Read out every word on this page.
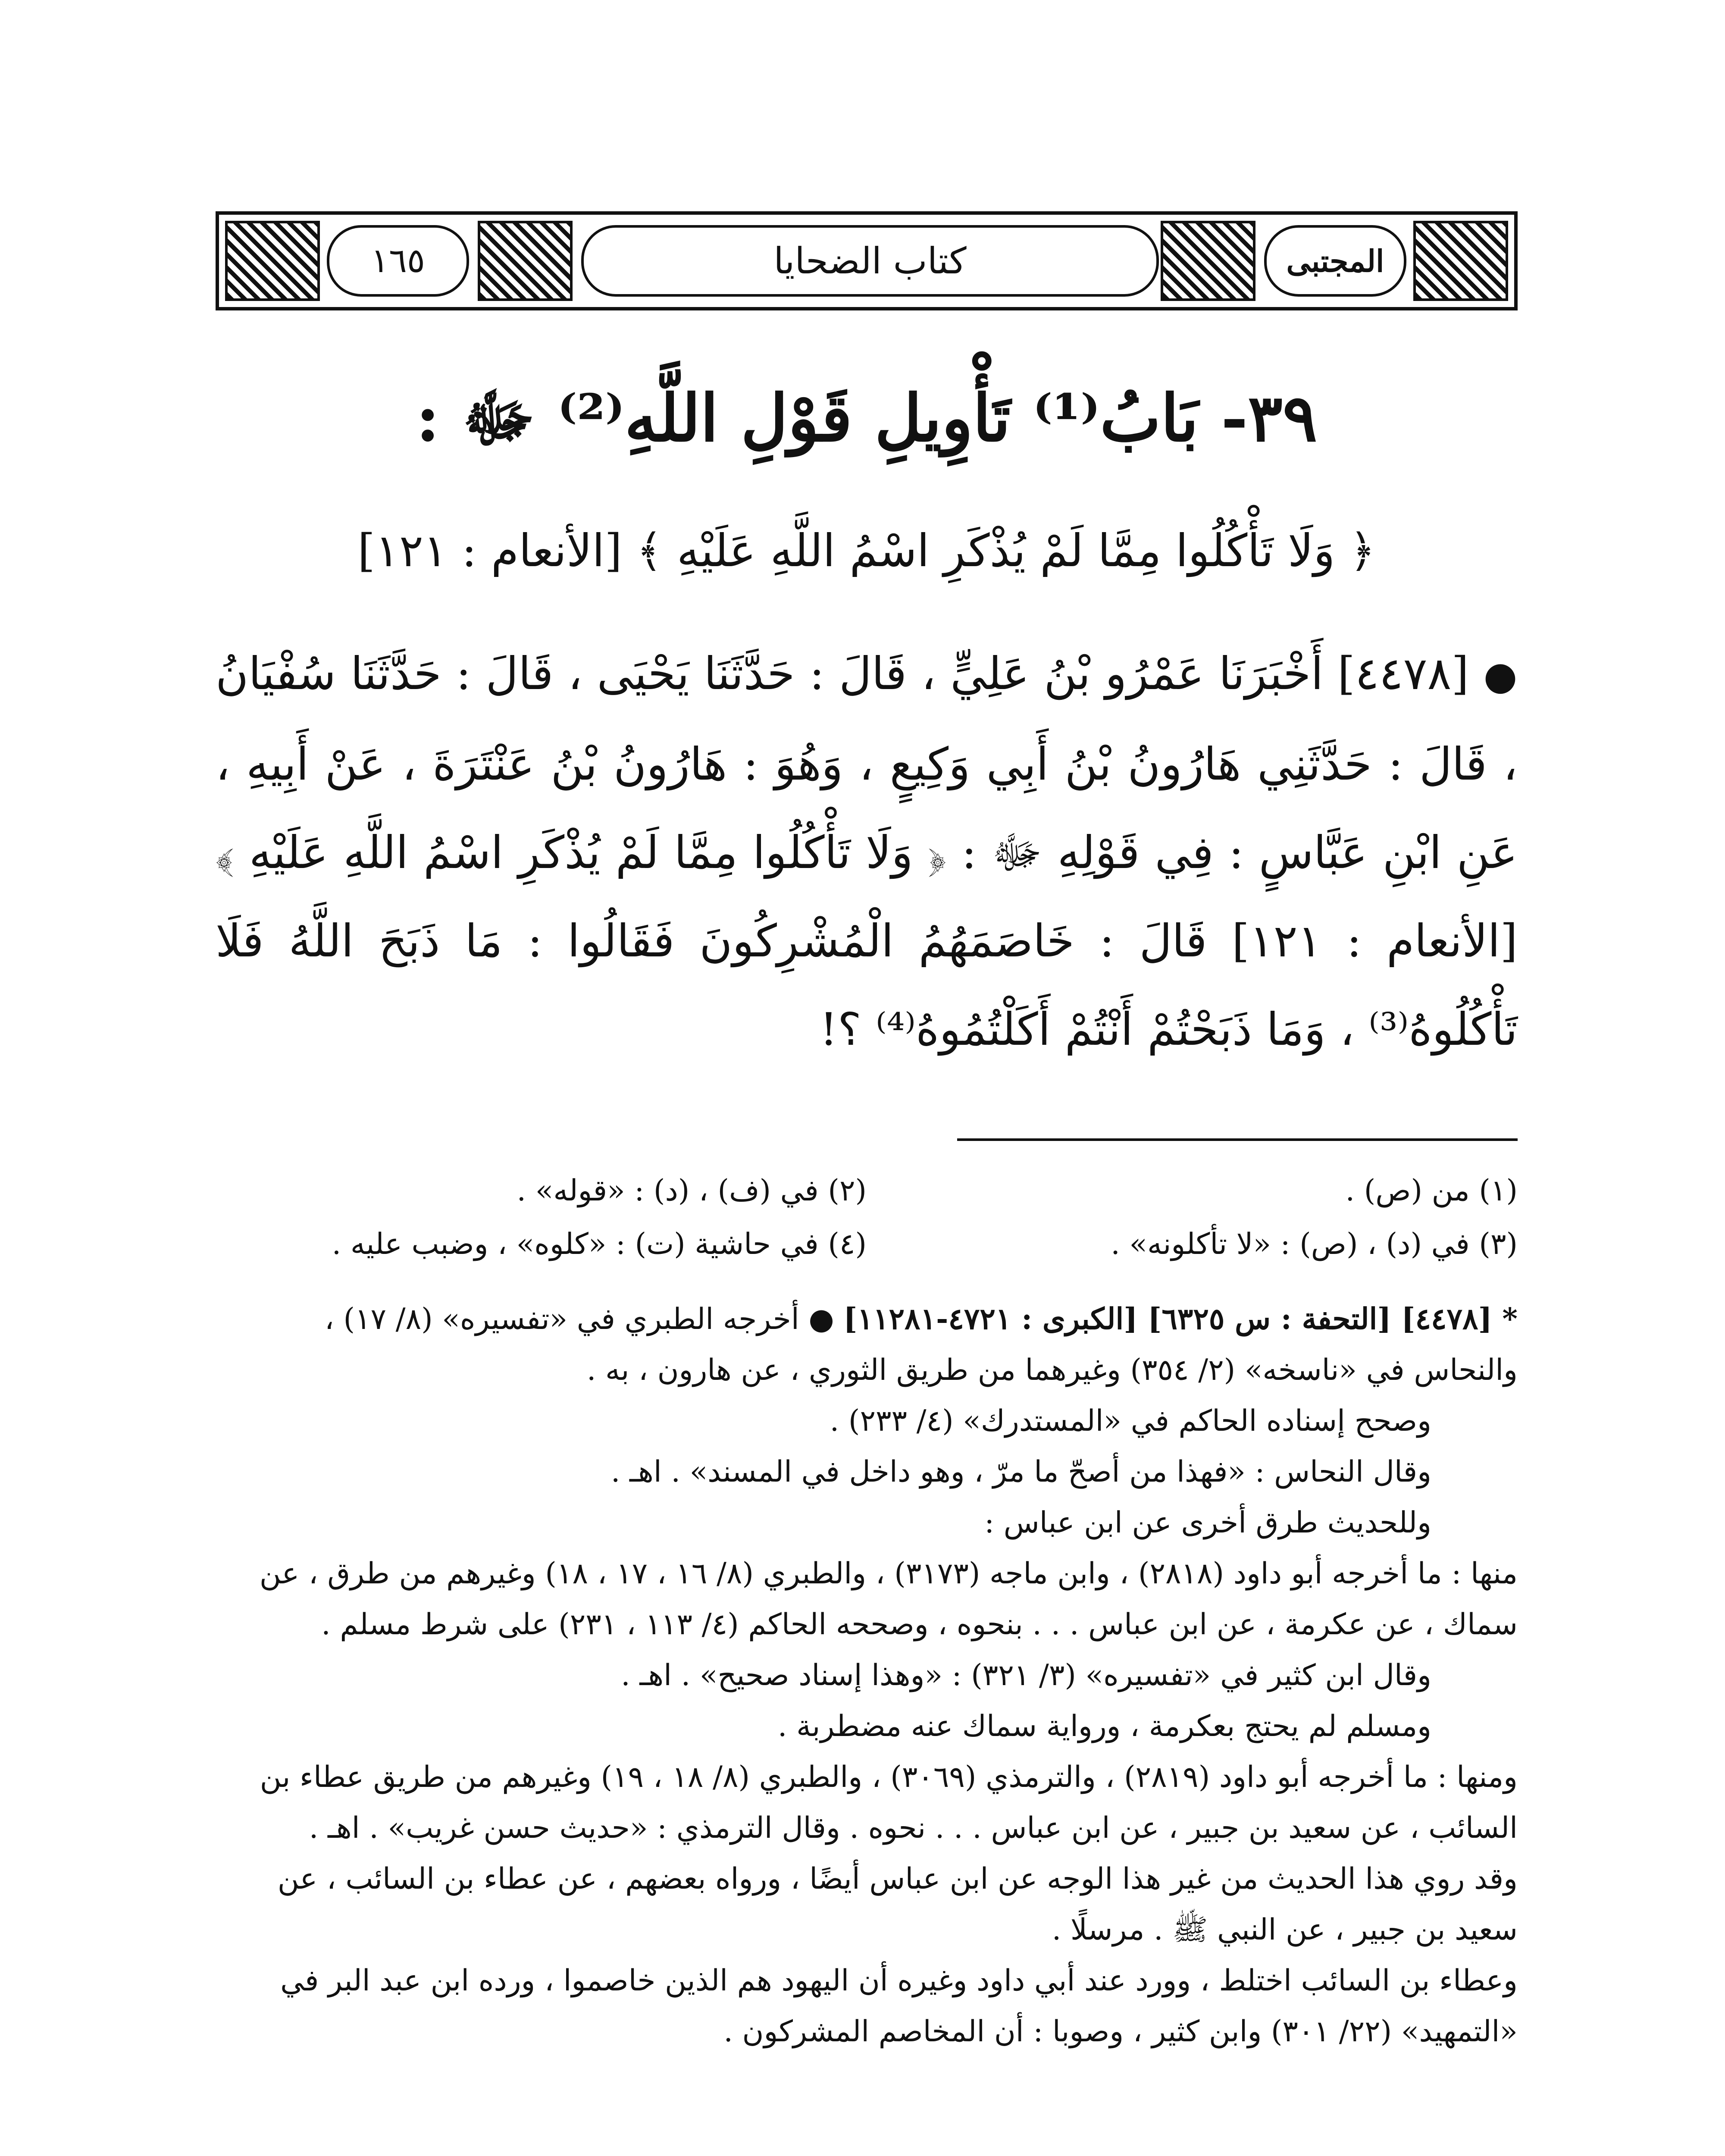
١٦٥	كتاب الضحايا	المجتبى
٣٩- بَابُ⁽¹⁾ تَأْوِيلِ قَوْلِ اللَّهِ⁽²⁾ ﷻ :
﴿ وَلَا تَأْكُلُوا مِمَّا لَمْ يُذْكَرِ اسْمُ اللَّهِ عَلَيْهِ ﴾ [الأنعام : ١٢١]
● [٤٤٧٨] أَخْبَرَنَا عَمْرُو بْنُ عَلِيٍّ ، قَالَ : حَدَّثَنَا يَحْيَى ، قَالَ : حَدَّثَنَا سُفْيَانُ ، قَالَ : حَدَّثَنِي هَارُونُ بْنُ أَبِي وَكِيعٍ ، وَهُوَ : هَارُونُ بْنُ عَنْتَرَةَ ، عَنْ أَبِيهِ ، عَنِ ابْنِ عَبَّاسٍ : فِي قَوْلِهِ ﷻ : ﴿ وَلَا تَأْكُلُوا مِمَّا لَمْ يُذْكَرِ اسْمُ اللَّهِ عَلَيْهِ ﴾ [الأنعام : ١٢١] قَالَ : خَاصَمَهُمُ الْمُشْرِكُونَ فَقَالُوا : مَا ذَبَحَ اللَّهُ فَلَا تَأْكُلُوهُ⁽³⁾ ، وَمَا ذَبَحْتُمْ أَنْتُمْ أَكَلْتُمُوهُ⁽⁴⁾ ؟!
(١) من (ص) .
(٢) في (ف) ، (د) : «قوله» .
(٣) في (د) ، (ص) : «لا تأكلونه» .
(٤) في حاشية (ت) : «كلوه» ، وضبب عليه .

* [٤٤٧٨] [التحفة : س ٦٣٢٥] [الكبرى : ٤٧٢١-١١٢٨١] ● أخرجه الطبري في «تفسيره» (٨/ ١٧) ، والنحاس في «ناسخه» (٢/ ٣٥٤) وغيرهما من طريق الثوري ، عن هارون ، به .

وصحح إسناده الحاكم في «المستدرك» (٤/ ٢٣٣) .

وقال النحاس : «فهذا من أصحّ ما مرّ ، وهو داخل في المسند» . اهـ .

وللحديث طرق أخرى عن ابن عباس :

منها : ما أخرجه أبو داود (٢٨١٨) ، وابن ماجه (٣١٧٣) ، والطبري (٨/ ١٦ ، ١٧ ، ١٨) وغيرهم من طرق ، عن سماك ، عن عكرمة ، عن ابن عباس . . . بنحوه ، وصححه الحاكم (٤/ ١١٣ ، ٢٣١) على شرط مسلم .

وقال ابن كثير في «تفسيره» (٣/ ٣٢١) : «وهذا إسناد صحيح» . اهـ .

ومسلم لم يحتج بعكرمة ، ورواية سماك عنه مضطربة .

ومنها : ما أخرجه أبو داود (٢٨١٩) ، والترمذي (٣٠٦٩) ، والطبري (٨/ ١٨ ، ١٩) وغيرهم من طريق عطاء بن السائب ، عن سعيد بن جبير ، عن ابن عباس . . . نحوه . وقال الترمذي : «حديث حسن غريب» . اهـ .

وقد روي هذا الحديث من غير هذا الوجه عن ابن عباس أيضًا ، ورواه بعضهم ، عن عطاء بن السائب ، عن سعيد بن جبير ، عن النبي ﷺ . مرسلًا .

وعطاء بن السائب اختلط ، وورد عند أبي داود وغيره أن اليهود هم الذين خاصموا ، ورده ابن عبد البر في «التمهيد» (٢٢/ ٣٠١) وابن كثير ، وصوبا : أن المخاصم المشركون .
